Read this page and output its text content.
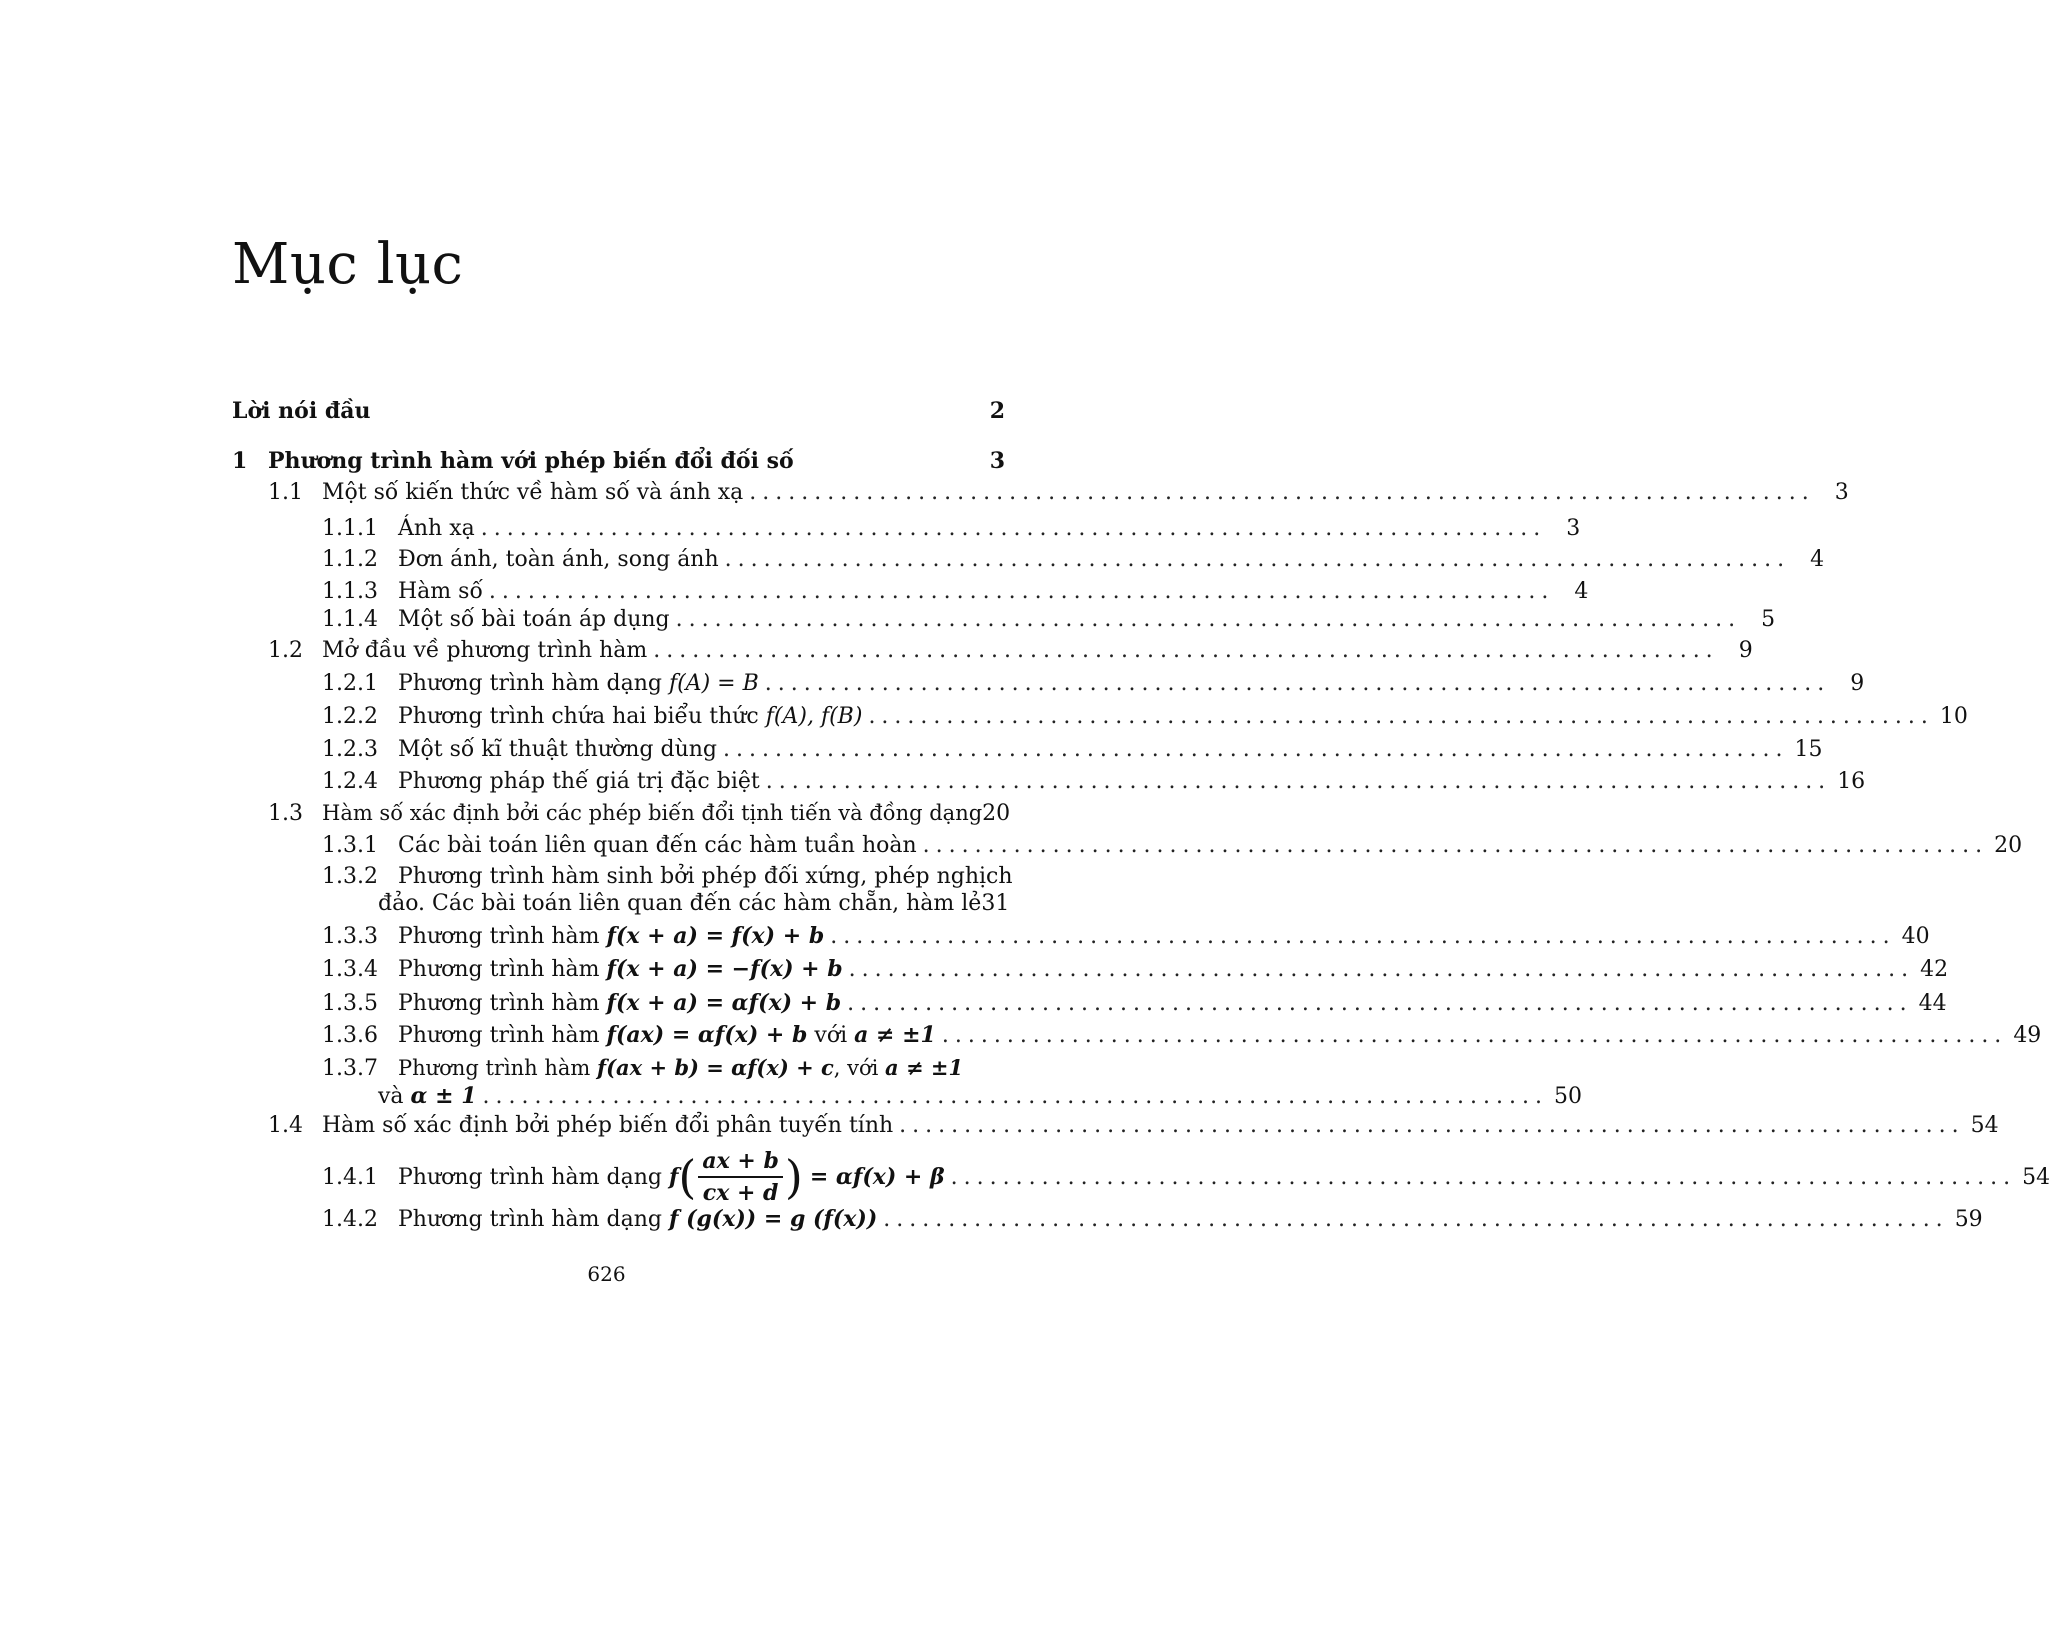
Mục lục
Lời nói đầu	2
1 Phương trình hàm với phép biến đổi đối số	3
1.1 Một số kiến thức về hàm số và ánh xạ .................................................................................. 3
1.1.1 Ánh xạ .................................................................................. 3
1.1.2 Đơn ánh, toàn ánh, song ánh .................................................................................. 4
1.1.3 Hàm số .................................................................................. 4
1.1.4 Một số bài toán áp dụng .................................................................................. 5
1.2 Mở đầu về phương trình hàm .................................................................................. 9
1.2.1 Phương trình hàm dạng f(A) = B .................................................................................. 9
1.2.2 Phương trình chứa hai biểu thức f(A), f(B) .................................................................................. 10
1.2.3 Một số kĩ thuật thường dùng .................................................................................. 15
1.2.4 Phương pháp thế giá trị đặc biệt .................................................................................. 16
1.3 Hàm số xác định bởi các phép biến đổi tịnh tiến và đồng dạng 20
1.3.1 Các bài toán liên quan đến các hàm tuần hoàn .................................................................................. 20
1.3.2 Phương trình hàm sinh bởi phép đối xứng, phép nghịch
đảo. Các bài toán liên quan đến các hàm chẵn, hàm lẻ 31
1.3.3 Phương trình hàm f(x + a) = f(x) + b .................................................................................. 40
1.3.4 Phương trình hàm f(x + a) = −f(x) + b .................................................................................. 42
1.3.5 Phương trình hàm f(x + a) = αf(x) + b .................................................................................. 44
1.3.6 Phương trình hàm f(ax) = αf(x) + b với a ≠ ±1 .................................................................................. 49
1.3.7 Phương trình hàm f(ax + b) = αf(x) + c, với a ≠ ±1
và α ± 1 .................................................................................. 50
1.4 Hàm số xác định bởi phép biến đổi phân tuyến tính .................................................................................. 54
1.4.1 Phương trình hàm dạng
f ( $\frac{ax + b}{cx + d}$ )
= αf(x) + β .................................................................................. 54
1.4.2 Phương trình hàm dạng f (g(x)) = g (f(x)) .................................................................................. 59
626
